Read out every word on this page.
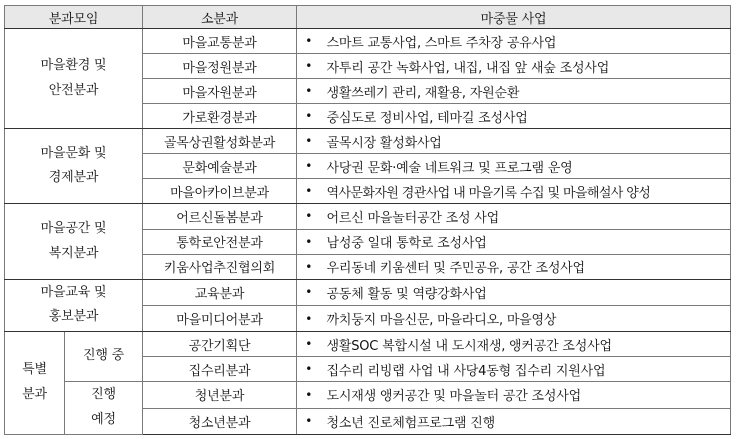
분과모임		소분과	마중물 사업	
마을환경 및
안전분과		마을교통분과	•	스마트 교통사업, 스마트 주차장 공유사업
		마을정원분과	•	자투리 공간 녹화사업, 내집, 내집 앞 새숲 조성사업
		마을자원분과	•	생활쓰레기 관리, 재활용, 자원순환
		가로환경분과	•	중심도로 정비사업, 테마길 조성사업
마을문화 및
경제분과		골목상권활성화분과	•	골목시장 활성화사업
		문화예술분과	•	사당권 문화·예술 네트워크 및 프로그램 운영
		마을아카이브분과	•	역사문화자원 경관사업 내 마을기록 수집 및 마을해설사 양성
마을공간 및
복지분과		어르신돌봄분과	•	어르신 마을놀터공간 조성 사업
		통학로안전분과	•	남성중 일대 통학로 조성사업
		키움사업추진협의회	•	우리동네 키움센터 및 주민공유, 공간 조성사업
마을교육 및
홍보분과		교육분과	•	공동체 활동 및 역량강화사업
		마을미디어분과	•	까치둥지 마을신문, 마을라디오, 마을영상
특별
분과	진행 중	공간기획단	•	생활SOC 복합시설 내 도시재생, 앵커공간 조성사업
		집수리분과	•	집수리 리빙랩 사업 내 사당4동형 집수리 지원사업
	진행
예정	청년분과	•	도시재생 앵커공간 및 마을놀터 공간 조성사업
		청소년분과	•	청소년 진로체험프로그램 진행
